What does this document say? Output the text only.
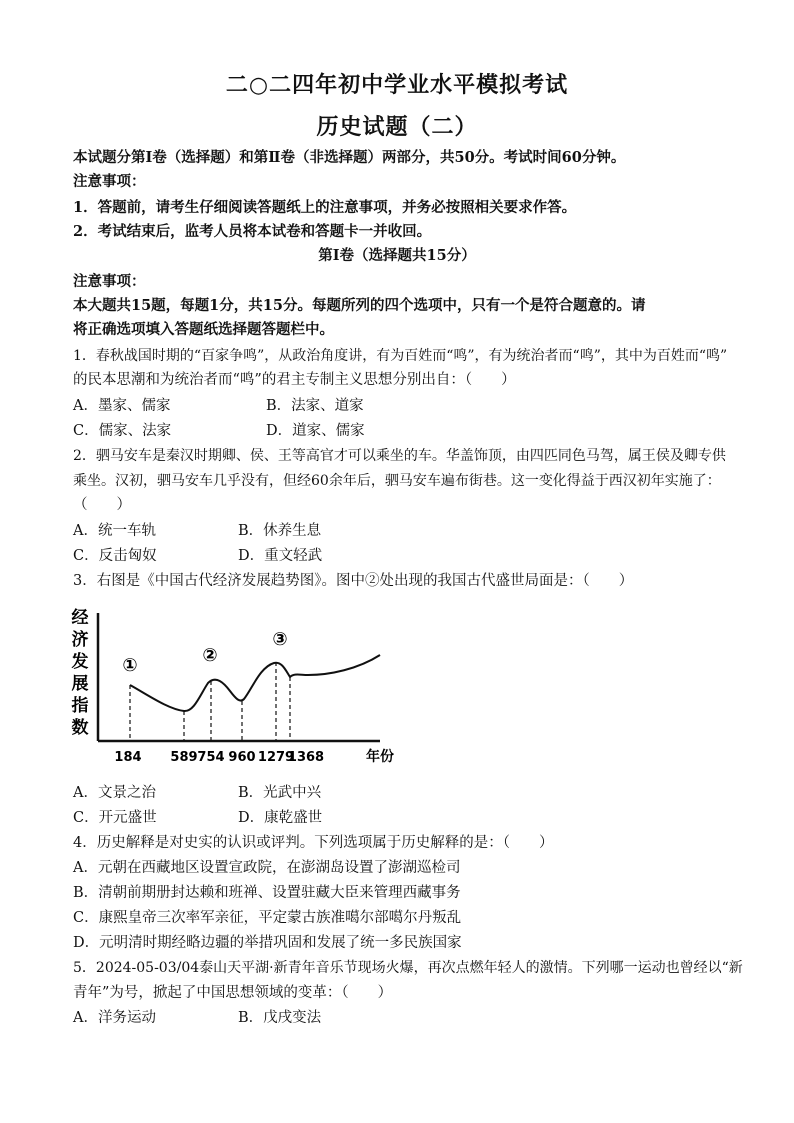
二○二四年初中学业水平模拟考试
历史试题（二）
本试题分第Ⅰ卷（选择题）和第Ⅱ卷（非选择题）两部分，共50分。考试时间60分钟。
注意事项：
1．答题前，请考生仔细阅读答题纸上的注意事项，并务必按照相关要求作答。
2．考试结束后，监考人员将本试卷和答题卡一并收回。
第Ⅰ卷（选择题共15分）
注意事项：
本大题共15题，每题1分，共15分。每题所列的四个选项中，只有一个是符合题意的。请
将正确选项填入答题纸选择题答题栏中。
1．春秋战国时期的“百家争鸣”，从政治角度讲，有为百姓而“鸣”，有为统治者而“鸣”，其中为百姓而“鸣”
的民本思潮和为统治者而“鸣”的君主专制主义思想分别出自：（　　）
A．墨家、儒家	B．法家、道家
C．儒家、法家	D．道家、儒家
2．驷马安车是秦汉时期卿、侯、王等高官才可以乘坐的车。华盖饰顶，由四匹同色马驾，属王侯及卿专供
乘坐。汉初，驷马安车几乎没有，但经60余年后，驷马安车遍布街巷。这一变化得益于西汉初年实施了：
（　　）
A．统一车轨	B．休养生息
C．反击匈奴	D．重文轻武
3．右图是《中国古代经济发展趋势图》。图中②处出现的我国古代盛世局面是：（　　）
经
济
发
展
指
数
①	②
③
184 589 754 960 1279
1368	年份
A．文景之治	B．光武中兴
C．开元盛世	D．康乾盛世
4．历史解释是对史实的认识或评判。下列选项属于历史解释的是：（　　）
A．元朝在西藏地区设置宣政院，在澎湖岛设置了澎湖巡检司
B．清朝前期册封达赖和班禅、设置驻藏大臣来管理西藏事务
C．康熙皇帝三次率军亲征，平定蒙古族准噶尔部噶尔丹叛乱
D．元明清时期经略边疆的举措巩固和发展了统一多民族国家
5．2024-05-03/04泰山天平湖·新青年音乐节现场火爆，再次点燃年轻人的激情。下列哪一运动也曾经以“新
青年”为号，掀起了中国思想领域的变革：（　　）
A．洋务运动	B．戊戌变法
